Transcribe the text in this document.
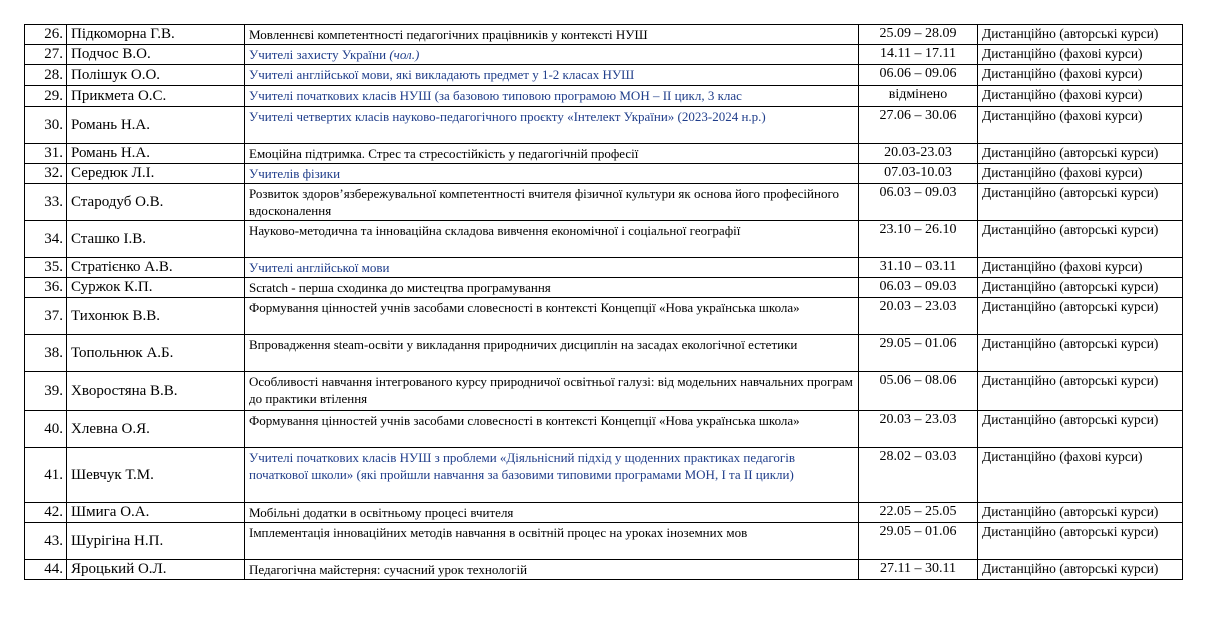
26.	Підкоморна Г.В.	Мовленнєві компетентності педагогічних працівників у контексті НУШ	25.09 – 28.09	Дистанційно (авторські курси)
27.	Подчос В.О.	Учителі захисту України (чол.)	14.11 – 17.11	Дистанційно (фахові курси)
28.	Полішук О.О.	Учителі англійської мови, які викладають предмет у 1-2 класах НУШ	06.06 – 09.06	Дистанційно (фахові курси)
29.	Прикмета О.С.	Учителі початкових класів НУШ (за базовою типовою програмою МОН – ІІ цикл, 3 клас	відмінено	Дистанційно (фахові курси)
30.	Романь Н.А.	Учителі четвертих класів науково-педагогічного проєкту «Інтелект України» (2023-2024 н.р.)	27.06 – 30.06	Дистанційно (фахові курси)
31.	Романь Н.А.	Емоційна підтримка. Стрес та стресостійкість у педагогічній професії	20.03-23.03	Дистанційно (авторські курси)
32.	Середюк Л.І.	Учителів фізики	07.03-10.03	Дистанційно (фахові курси)
33.	Стародуб О.В.	Розвиток здоров’язбережувальної компетентності вчителя фізичної культури як основа його професійного вдосконалення	06.03 – 09.03	Дистанційно (авторські курси)
34.	Сташко І.В.	Науково-методична та інноваційна складова вивчення економічної і соціальної географії	23.10 – 26.10	Дистанційно (авторські курси)
35.	Стратієнко А.В.	Учителі англійської мови	31.10 – 03.11	Дистанційно (фахові курси)
36.	Суржок К.П.	Scratch - перша сходинка до мистецтва програмування	06.03 – 09.03	Дистанційно (авторські курси)
37.	Тихонюк В.В.	Формування цінностей учнів засобами словесності в контексті Концепції «Нова українська школа»	20.03 – 23.03	Дистанційно (авторські курси)
38.	Топольнюк А.Б.	Впровадження steam-освіти у викладання природничих дисциплін на засадах екологічної естетики	29.05 – 01.06	Дистанційно (авторські курси)
39.	Хворостяна В.В.	Особливості навчання інтегрованого курсу природничої освітньої галузі: від модельних навчальних програм до практики втілення	05.06 – 08.06	Дистанційно (авторські курси)
40.	Хлевна О.Я.	Формування цінностей учнів засобами словесності в контексті Концепції «Нова українська школа»	20.03 – 23.03	Дистанційно (авторські курси)
41.	Шевчук Т.М.	Учителі початкових класів НУШ з проблеми «Діяльнісний підхід у щоденних практиках педагогів початкової школи» (які пройшли навчання за базовими типовими програмами МОН, І та ІІ цикли)	28.02 – 03.03	Дистанційно (фахові курси)
42.	Шмига О.А.	Мобільні додатки в освітньому процесі вчителя	22.05 – 25.05	Дистанційно (авторські курси)
43.	Шурігіна Н.П.	Імплементація інноваційних методів навчання в освітній процес на уроках іноземних мов	29.05 – 01.06	Дистанційно (авторські курси)
44.	Яроцький О.Л.	Педагогічна майстерня: сучасний урок технологій	27.11 – 30.11	Дистанційно (авторські курси)
